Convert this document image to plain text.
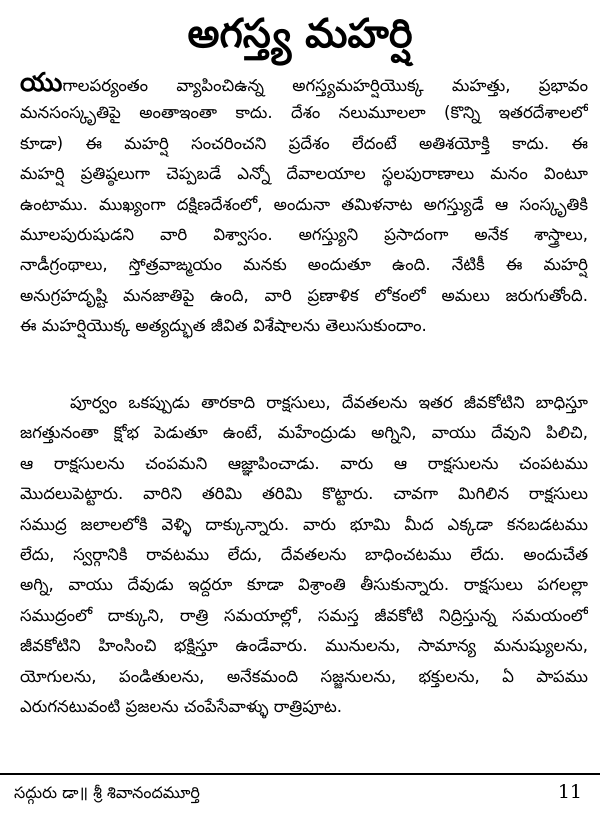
అగస్త్య మహర్షి
యుగాలపర్యంతం వ్యాపించిఉన్న అగస్త్యమహర్షియొక్క మహత్తు, ప్రభావం
మనసంస్కృతిపై అంతాఇంతా కాదు. దేశం నలుమూలలా (కొన్ని ఇతరదేశాలలో
కూడా) ఈ మహర్షి సంచరించని ప్రదేశం లేదంటే అతిశయోక్తి కాదు. ఈ
మహర్షి ప్రతిష్ఠలుగా చెప్పబడే ఎన్నో దేవాలయాల స్థలపురాణాలు మనం వింటూ
ఉంటాము. ముఖ్యంగా దక్షిణదేశంలో, అందునా తమిళనాట అగస్త్యుడే ఆ సంస్కృతికి
మూలపురుషుడని వారి విశ్వాసం. అగస్త్యుని ప్రసాదంగా అనేక శాస్త్రాలు,
నాడీగ్రంథాలు, స్తోత్రవాఙ్మయం మనకు అందుతూ ఉంది. నేటికీ ఈ మహర్షి
అనుగ్రహదృష్టి మనజాతిపై ఉంది, వారి ప్రణాళిక లోకంలో అమలు జరుగుతోంది.
ఈ మహర్షియొక్క అత్యద్భుత జీవిత విశేషాలను తెలుసుకుందాం.
పూర్వం ఒకప్పుడు తారకాది రాక్షసులు, దేవతలను ఇతర జీవకోటిని బాధిస్తూ
జగత్తునంతా క్షోభ పెడుతూ ఉంటే, మహేంద్రుడు అగ్నిని, వాయు దేవుని పిలిచి,
ఆ రాక్షసులను చంపమని ఆజ్ఞాపించాడు. వారు ఆ రాక్షసులను చంపటము
మొదలుపెట్టారు. వారిని తరిమి తరిమి కొట్టారు. చావగా మిగిలిన రాక్షసులు
సముద్ర జలాలలోకి వెళ్ళి దాక్కున్నారు. వారు భూమి మీద ఎక్కడా కనబడటము
లేదు, స్వర్గానికి రావటము లేదు, దేవతలను బాధించటము లేదు. అందుచేత
అగ్ని, వాయు దేవుడు ఇద్దరూ కూడా విశ్రాంతి తీసుకున్నారు. రాక్షసులు పగలల్లా
సముద్రంలో దాక్కుని, రాత్రి సమయాల్లో, సమస్త జీవకోటి నిద్రిస్తున్న సమయంలో
జీవకోటిని హింసించి భక్షిస్తూ ఉండేవారు. మునులను, సామాన్య మనుష్యులను,
యోగులను, పండితులను, అనేకమంది సజ్జనులను, భక్తులను, ఏ పాపము
ఎరుగనటువంటి ప్రజలను చంపేసేవాళ్ళు రాత్రిపూట.

సద్గురు డా॥ శ్రీ శివానందమూర్తి	11
